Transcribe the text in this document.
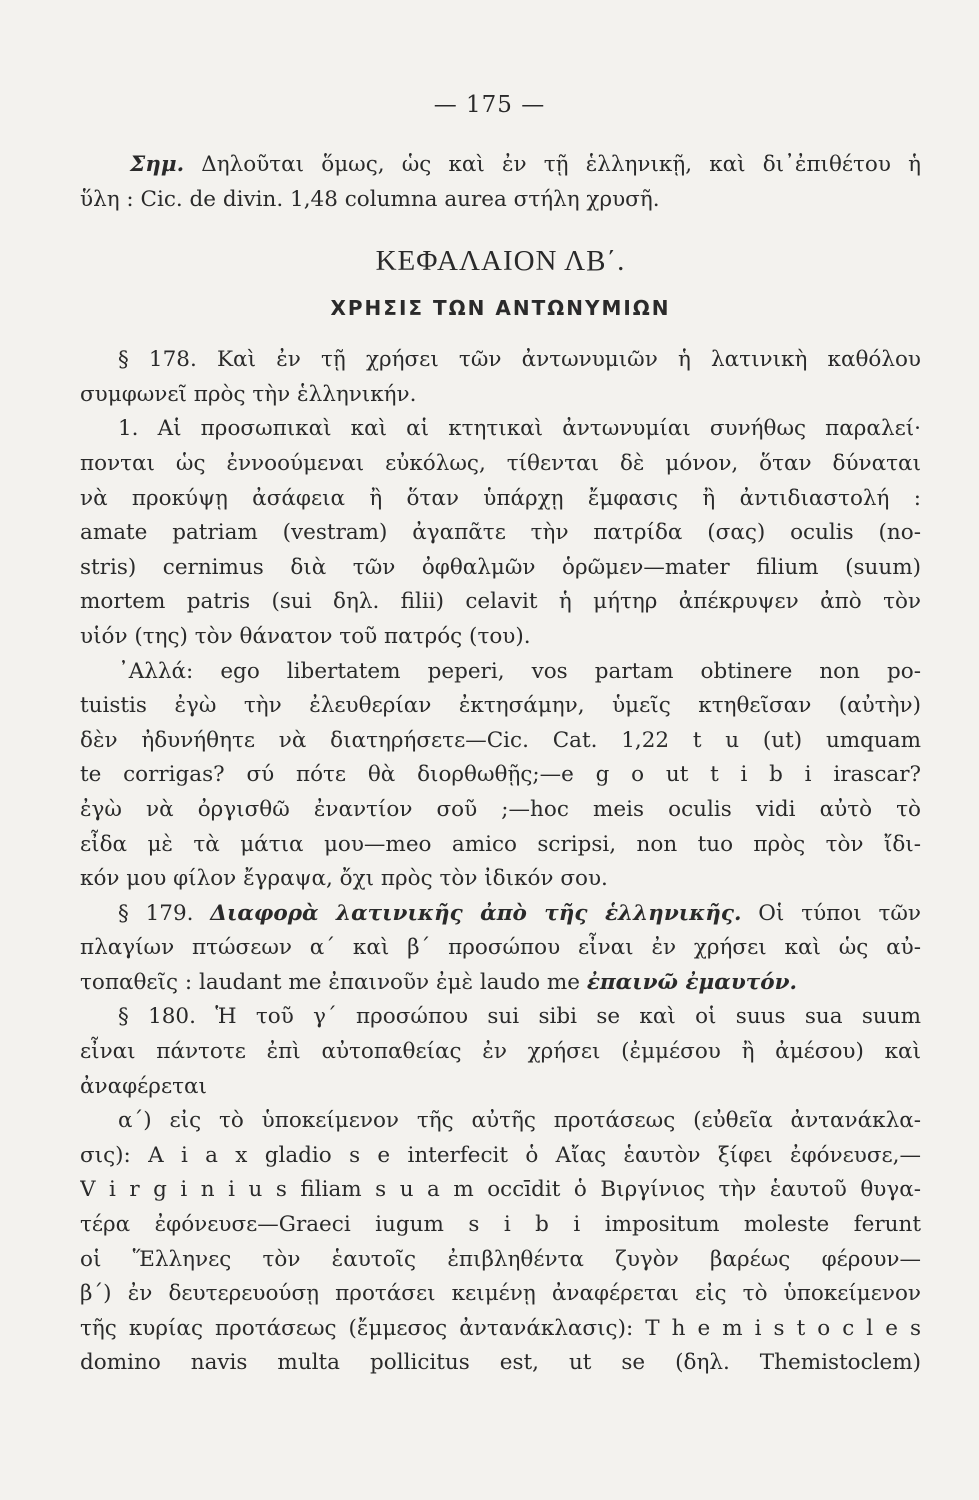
— 175 —
Σημ. Δηλοῦται ὅμως, ὡς καὶ ἐν τῇ ἑλληνικῇ, καὶ δι᾽ἐπιθέτου ἡ
ὕλη : Cic. de divin. 1,48 columna aurea στήλη χρυσῆ.
ΚΕΦΑΛΑΙΟΝ ΛΒ΄.
ΧΡΗΣΙΣ ΤΩΝ ΑΝΤΩΝΥΜΙΩΝ
§ 178. Καὶ ἐν τῇ χρήσει τῶν ἀντωνυμιῶν ἡ λατινικὴ καθόλου
συμφωνεῖ πρὸς τὴν ἑλληνικήν.
1. Αἱ προσωπικαὶ καὶ αἱ κτητικαὶ ἀντωνυμίαι συνήθως παραλεί·
πονται ὡς ἐννοούμεναι εὐκόλως, τίθενται δὲ μόνον, ὅταν δύναται
νὰ προκύψῃ ἀσάφεια ἢ ὅταν ὑπάρχῃ ἔμφασις ἢ ἀντιδιαστολή :
amate patriam (vestram) ἀγαπᾶτε τὴν πατρίδα (σας) oculis (no-
stris) cernimus διὰ τῶν ὀφθαλμῶν ὁρῶμεν—mater filium (suum)
mortem patris (sui δηλ. filii) celavit ἡ μήτηρ ἀπέκρυψεν ἀπὸ τὸν
υἱόν (της) τὸν θάνατον τοῦ πατρός (του).
᾽Αλλά: ego libertatem peperi, vos partam obtinere non po-
tuistis ἐγὼ τὴν ἐλευθερίαν ἐκτησάμην, ὑμεῖς κτηθεῖσαν (αὐτὴν)
δὲν ἠδυνήθητε νὰ διατηρήσετε—Cic. Cat. 1,22 t u (ut) umquam
te corrigas? σύ πότε θὰ διορθωθῇς;—e g o ut t i b i irascar?
ἐγὼ νὰ ὀργισθῶ ἐναντίον σοῦ ;—hoc meis oculis vidi αὐτὸ τὸ
εἶδα μὲ τὰ μάτια μου—meo amico scripsi, non tuo πρὸς τὸν ἴδι-
κόν μου φίλον ἔγραψα, ὄχι πρὸς τὸν ἰδικόν σου.
§ 179. Διαφορὰ λατινικῆς ἀπὸ τῆς ἑλληνικῆς. Οἱ τύποι τῶν
πλαγίων πτώσεων α΄ καὶ β΄ προσώπου εἶναι ἐν χρήσει καὶ ὡς αὐ-
τοπαθεῖς : laudant me ἐπαινοῦν ἐμὲ laudo me ἐπαινῶ ἐμαυτόν.
§ 180. Ἡ τοῦ γ΄ προσώπου sui sibi se καὶ οἱ suus sua suum
εἶναι πάντοτε ἐπὶ αὐτοπαθείας ἐν χρήσει (ἐμμέσου ἢ ἀμέσου) καὶ
ἀναφέρεται
α΄) εἰς τὸ ὑποκείμενον τῆς αὐτῆς προτάσεως (εὐθεῖα ἀντανάκλα-
σις): A i a x gladio s e interfecit ὁ Αἴας ἑαυτὸν ξίφει ἐφόνευσε,—
V i r g i n i u s filiam s u a m occīdit ὁ Βιργίνιος τὴν ἑαυτοῦ θυγα-
τέρα ἐφόνευσε—Graeci iugum s i b i impositum moleste ferunt
οἱ Ἕλληνες τὸν ἑαυτοῖς ἐπιβληθέντα ζυγὸν βαρέως φέρουν—
β΄) ἐν δευτερευούσῃ προτάσει κειμένῃ ἀναφέρεται εἰς τὸ ὑποκείμενον
τῆς κυρίας προτάσεως (ἔμμεσος ἀντανάκλασις): T h e m i s t o c l e s
domino navis multa pollicitus est, ut se (δηλ. Themistoclem)
